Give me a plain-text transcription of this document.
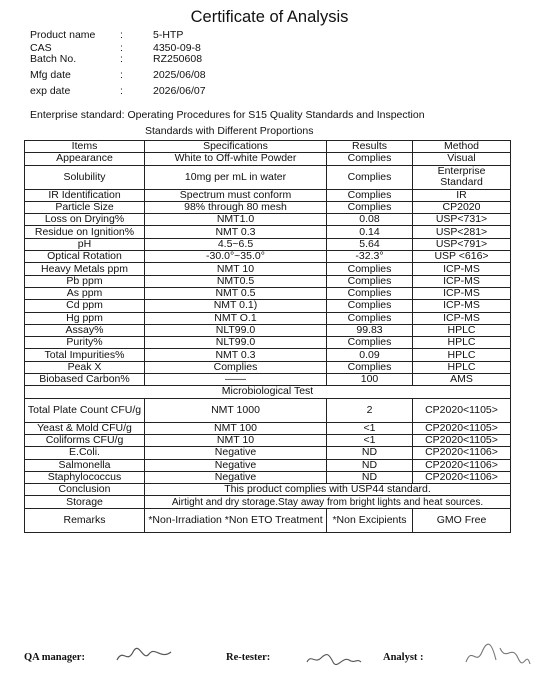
Certificate of Analysis
Product name :	5-HTP
CAS	:	4350-09-8
Batch No.	:	RZ250608
Mfg date	:	2025/06/08
exp date	:	2026/06/07
Enterprise standard: Operating Procedures for S15 Quality Standards and Inspection
Standards with Different Proportions
Items	Specifications	Results	Method
Appearance	White to Off-white Powder	Complies	Visual
Solubility	10mg per mL in water	Complies	Enterprise Standard
IR Identification	Spectrum must conform	Complies	IR
Particle Size	98% through 80 mesh	Complies	CP2020
Loss on Drying%	NMT1.0	0.08	USP<731>
Residue on Ignition%	NMT 0.3	0.14	USP<281>
pH	4.5~6.5	5.64	USP<791>
Optical Rotation	-30.0°~35.0°	-32.3°	USP <616>
Heavy Metals ppm	NMT 10	Complies	ICP-MS
Pb ppm	NMT0.5	Complies	ICP-MS
As ppm	NMT 0.5	Complies	ICP-MS
Cd ppm	NMT 0.1)	Complies	ICP-MS
Hg ppm	NMT O.1	Complies	ICP-MS
Assay%	NLT99.0	99.83	HPLC
Purity%	NLT99.0	Complies	HPLC
Total Impurities%	NMT 0.3	0.09	HPLC
Peak X	Complies	Complies	HPLC
Biobased Carbon%	——	100	AMS
Microbiological Test			
Total Plate Count CFU/g	NMT 1000	2	CP2020<1105>
Yeast & Mold CFU/g	NMT 100	<1	CP2020<1105>
Coliforms CFU/g	NMT 10	<1	CP2020<1105>
E.Coli.	Negative	ND	CP2020<1106>
Salmonella	Negative	ND	CP2020<1106>
Staphylococcus	Negative	ND	CP2020<1106>
Conclusion	This product complies with USP44 standard.		
Storage	Airtight and dry storage.Stay away from bright lights and heat sources.		
Remarks	*Non-Irradiation *Non ETO Treatment	*Non Excipients	GMO Free
QA manager:	Re-tester:	Analyst :
